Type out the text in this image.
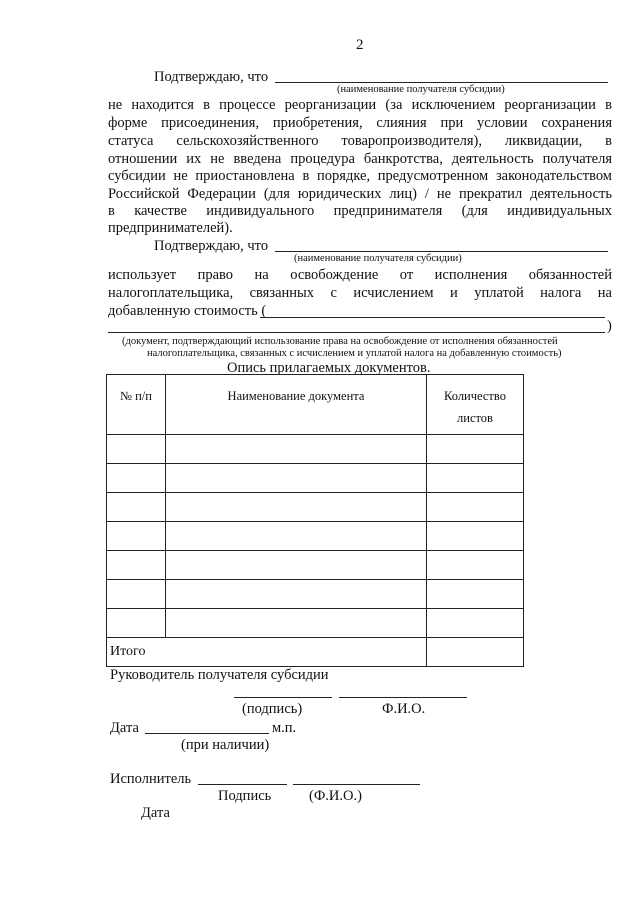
2
Подтверждаю, что
(наименование получателя субсидии)
не находится в процессе реорганизации (за исключением реорганизации в
форме присоединения, приобретения, слияния при условии сохранения
статуса сельскохозяйственного товаропроизводителя), ликвидации, в
отношении их не введена процедура банкротства, деятельность получателя
субсидии не приостановлена в порядке, предусмотренном законодательством
Российской Федерации (для юридических лиц) / не прекратил деятельность
в качестве индивидуального предпринимателя (для индивидуальных
предпринимателей).
Подтверждаю, что
(наименование получателя субсидии)
использует право на освобождение от исполнения обязанностей
налогоплательщика, связанных с исчислением и уплатой налога на
добавленную стоимость (
)
(документ, подтверждающий использование права на освобождение от исполнения обязанностей
налогоплательщика, связанных с исчислением и уплатой налога на добавленную стоимость)
Опись прилагаемых документов.
№ п/п	Наименование документа	Количество листов

Итого		
Руководитель получателя субсидии
(подпись)	Ф.И.О.
Дата	м.п.
(при наличии)
Исполнитель
Подпись	(Ф.И.О.)
Дата
